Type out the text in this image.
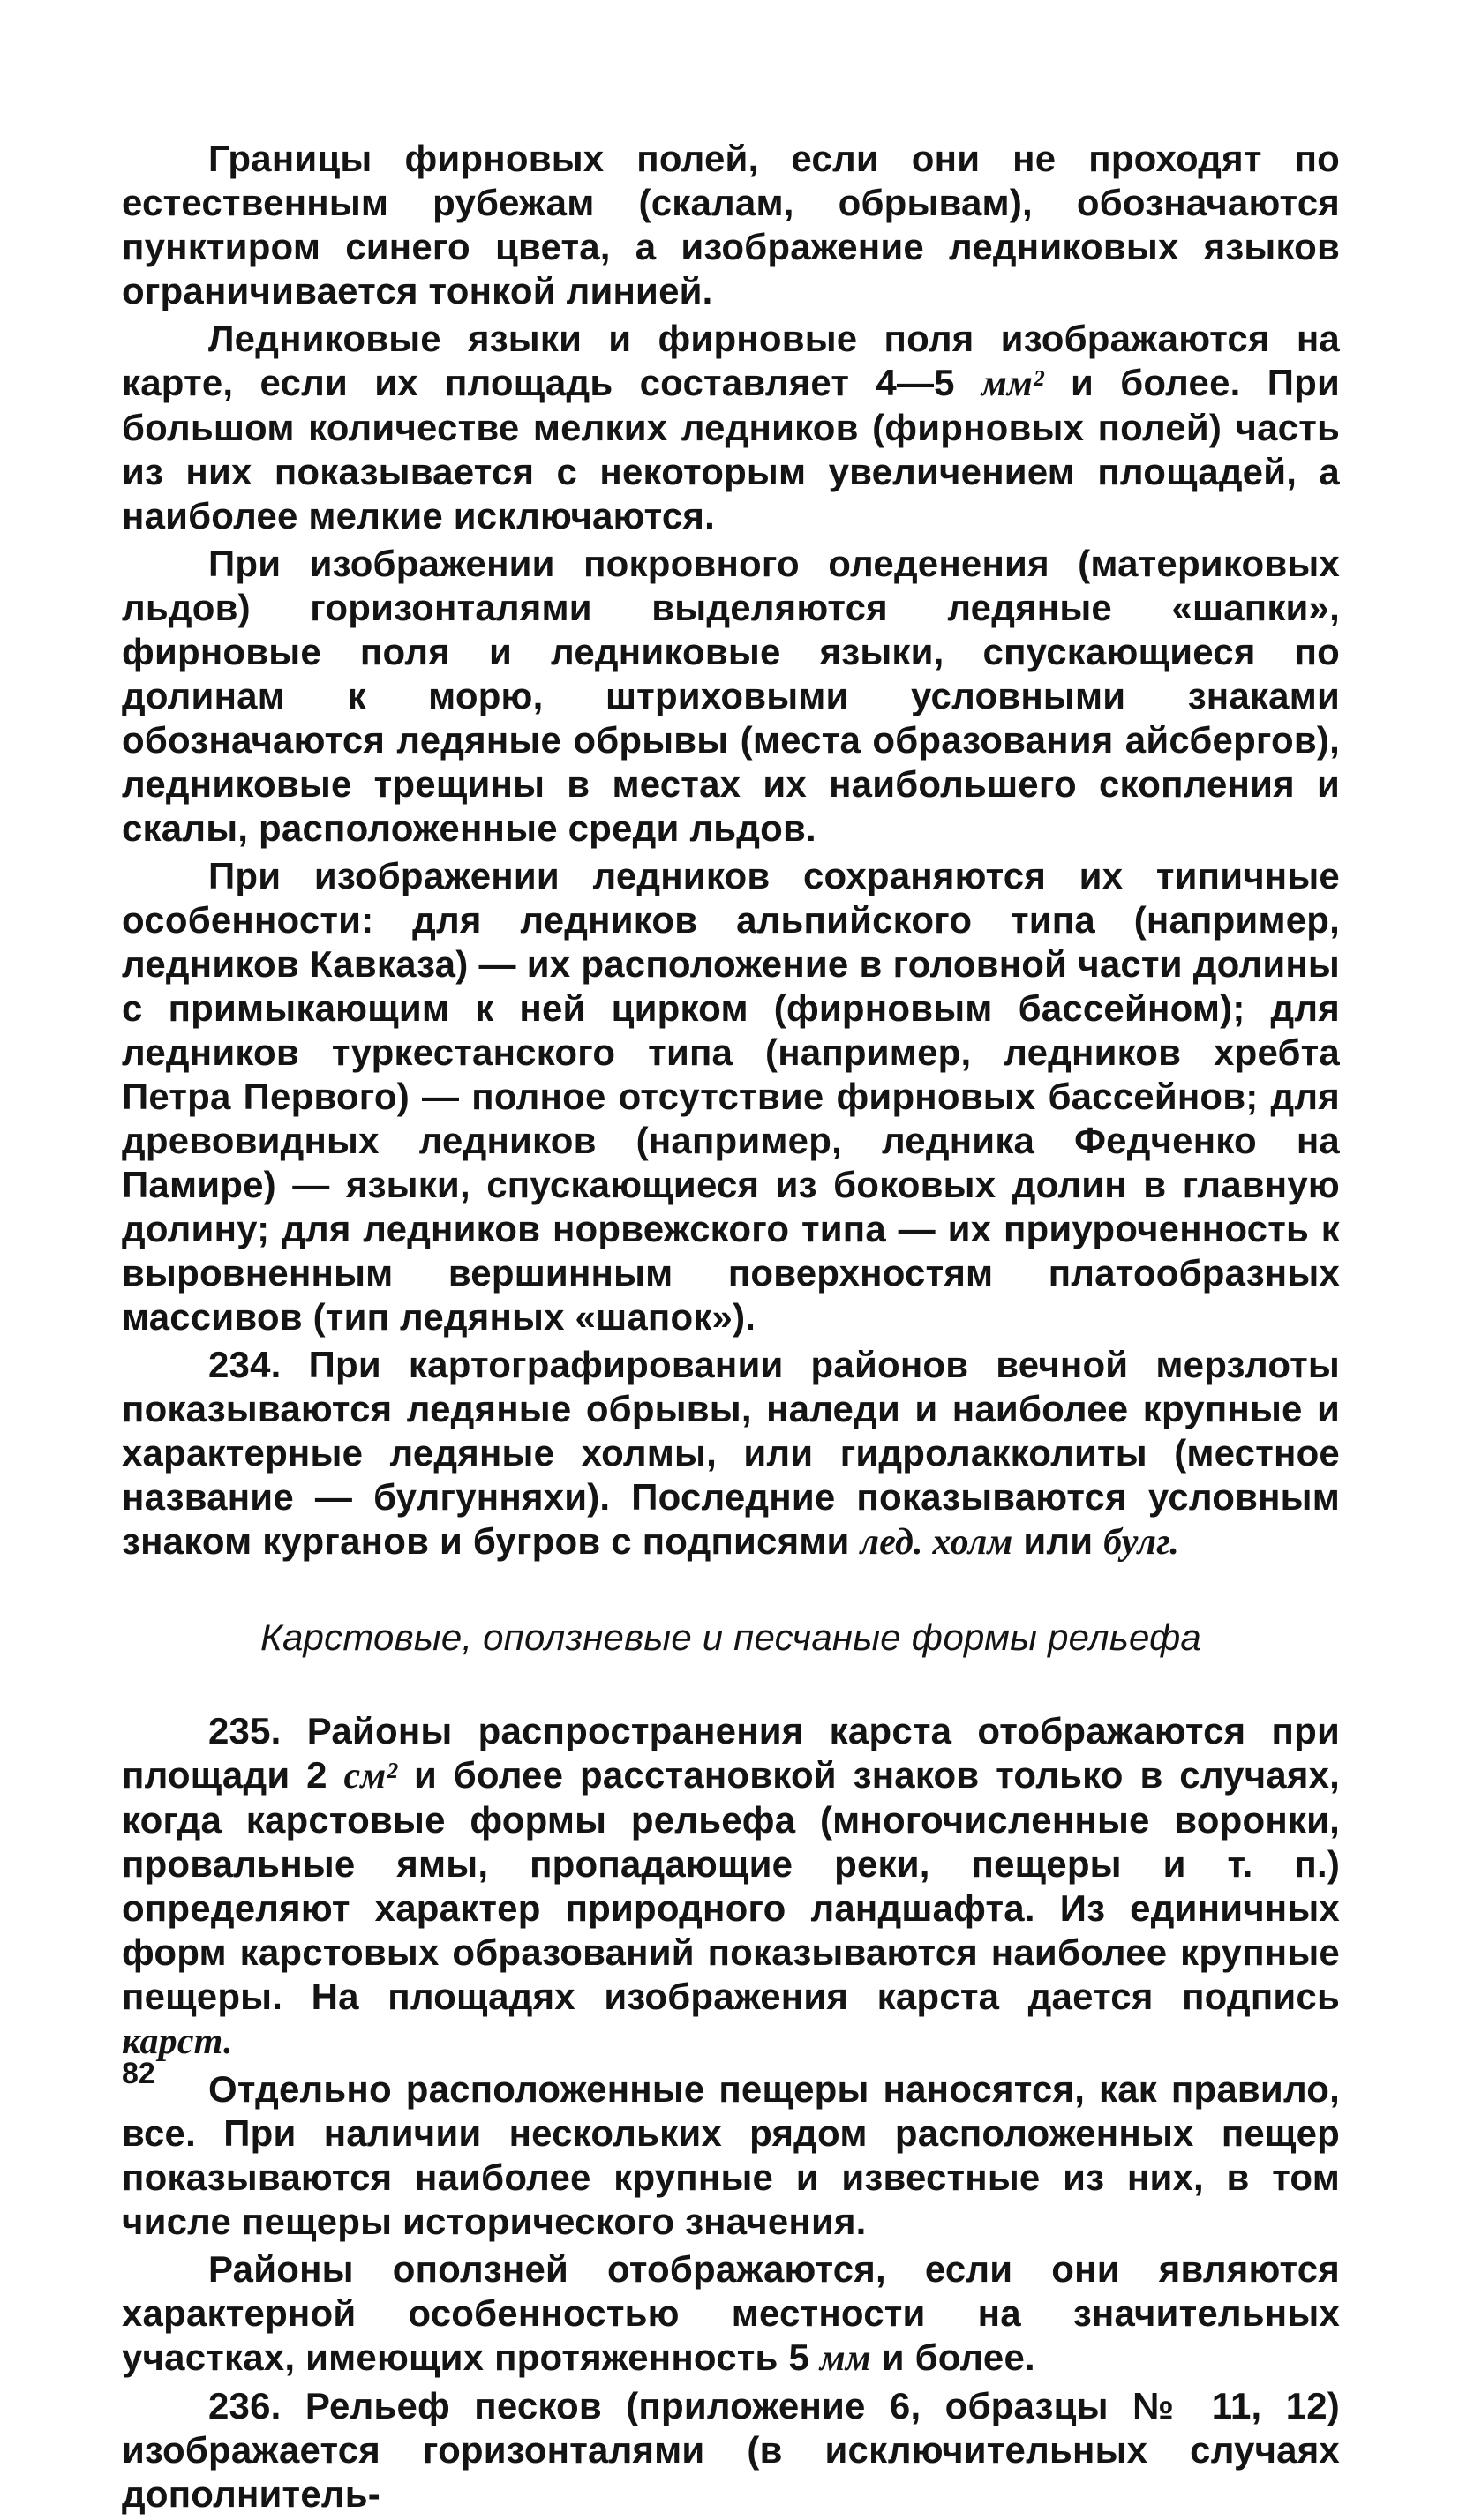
Границы фирновых полей, если они не проходят по естественным рубежам (скалам, обрывам), обозначаются пунктиром синего цвета, а изображение ледниковых языков ограничивается тонкой линией.

Ледниковые языки и фирновые поля изображаются на карте, если их площадь составляет 4—5 мм² и более. При большом количестве мелких ледников (фирновых полей) часть из них показывается с некоторым увеличением площадей, а наиболее мелкие исключаются.

При изображении покровного оледенения (материковых льдов) горизонталями выделяются ледяные «шапки», фирновые поля и ледниковые языки, спускающиеся по долинам к морю, штриховыми условными знаками обозначаются ледяные обрывы (места образования айсбергов), ледниковые трещины в местах их наибольшего скопления и скалы, расположенные среди льдов.

При изображении ледников сохраняются их типичные особенности: для ледников альпийского типа (например, ледников Кавказа) — их расположение в головной части долины с примыкающим к ней цирком (фирновым бассейном); для ледников туркестанского типа (например, ледников хребта Петра Первого) — полное отсутствие фирновых бассейнов; для древовидных ледников (например, ледника Федченко на Памире) — языки, спускающиеся из боковых долин в главную долину; для ледников норвежского типа — их приуроченность к выровненным вершинным поверхностям платообразных массивов (тип ледяных «шапок»).

234. При картографировании районов вечной мерзлоты показываются ледяные обрывы, наледи и наиболее крупные и характерные ледяные холмы, или гидролакколиты (местное название — булгунняхи). Последние показываются условным знаком курганов и бугров с подписями лед. холм или булг.

Карстовые, оползневые и песчаные формы рельефа

235. Районы распространения карста отображаются при площади 2 см² и более расстановкой знаков только в случаях, когда карстовые формы рельефа (многочисленные воронки, провальные ямы, пропадающие реки, пещеры и т. п.) определяют характер природного ландшафта. Из единичных форм карстовых образований показываются наиболее крупные пещеры. На площадях изображения карста дается подпись карст.

Отдельно расположенные пещеры наносятся, как правило, все. При наличии нескольких рядом расположенных пещер показываются наиболее крупные и известные из них, в том числе пещеры исторического значения.

Районы оползней отображаются, если они являются характерной особенностью местности на значительных участках, имеющих протяженность 5 мм и более.

236. Рельеф песков (приложение 6, образцы № 11, 12) изображается горизонталями (в исключительных случаях дополнитель-

82
